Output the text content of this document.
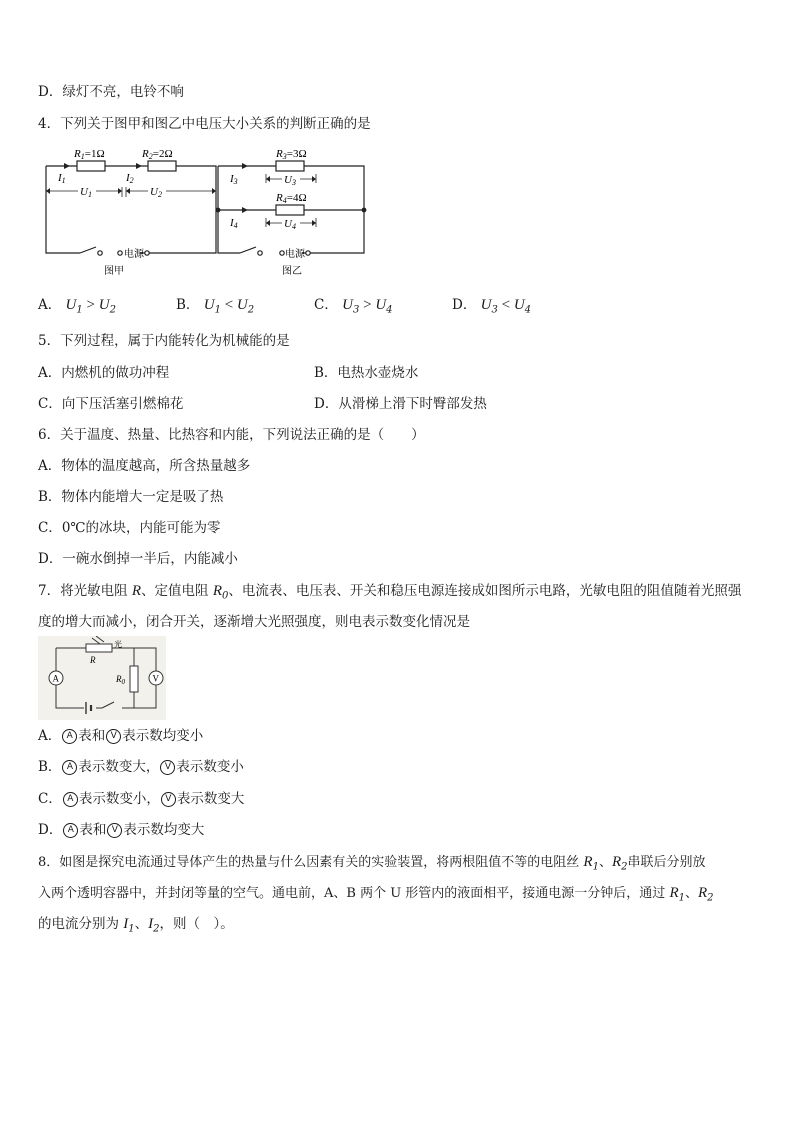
D．绿灯不亮，电铃不响
4．下列关于图甲和图乙中电压大小关系的判断正确的是
R1=1Ω	R2=2Ω
I1	I2
U1	U2
电源
图甲
R3=3Ω
R4=4Ω
I3
I4
U3
U4
电源
图乙
A． $U_1 > U_2$	B． $U_1 < U_2$	C． $U_3 > U_4$	D． $U_3 < U_4$
5．下列过程，属于内能转化为机械能的是
A．内燃机的做功冲程	B．电热水壶烧水
C．向下压活塞引燃棉花	D．从滑梯上滑下时臀部发热
6．关于温度、热量、比热容和内能，下列说法正确的是（　　）
A．物体的温度越高，所含热量越多
B．物体内能增大一定是吸了热
C．0℃的冰块，内能可能为零
D．一碗水倒掉一半后，内能减小
7．将光敏电阻 R、定值电阻 $R_0$、电流表、电压表、开关和稳压电源连接成如图所示电路，光敏电阻的阻值随着光照强
度的增大而减小，闭合开关，逐渐增大光照强度，则电表示数变化情况是
A	V
光
R
$R_0$
A． A 表和 V 表示数均变小
B． A 表示数变大， V 表示数变小
C． A 表示数变小， V 表示数变大
D． A 表和 V 表示数均变大
8．如图是探究电流通过导体产生的热量与什么因素有关的实验装置，将两根阻值不等的电阻丝 $R_1$、$R_2$串联后分别放
入两个透明容器中，并封闭等量的空气。通电前，A、B 两个 U 形管内的液面相平，接通电源一分钟后，通过 $R_1$、$R_2$
的电流分别为 $I_1$、$I_2$，则（　）。
